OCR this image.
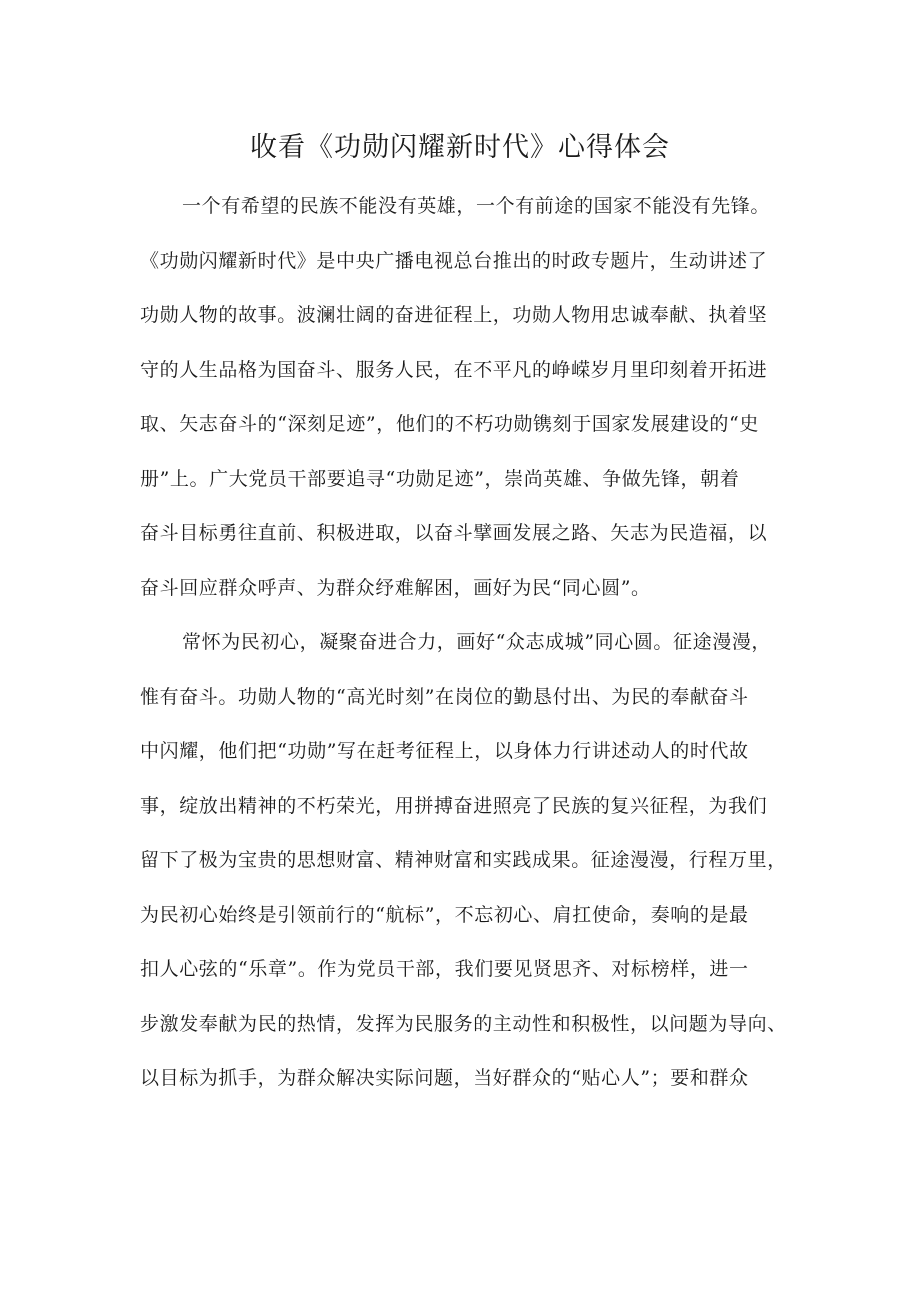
收看《功勋闪耀新时代》心得体会
一个有希望的民族不能没有英雄，一个有前途的国家不能没有先锋。
《功勋闪耀新时代》是中央广播电视总台推出的时政专题片，生动讲述了
功勋人物的故事。波澜壮阔的奋进征程上，功勋人物用忠诚奉献、执着坚
守的人生品格为国奋斗、服务人民，在不平凡的峥嵘岁月里印刻着开拓进
取、矢志奋斗的“深刻足迹”，他们的不朽功勋镌刻于国家发展建设的“史
册”上。广大党员干部要追寻“功勋足迹”，崇尚英雄、争做先锋，朝着
奋斗目标勇往直前、积极进取，以奋斗擘画发展之路、矢志为民造福，以
奋斗回应群众呼声、为群众纾难解困，画好为民“同心圆”。
常怀为民初心，凝聚奋进合力，画好“众志成城”同心圆。征途漫漫，
惟有奋斗。功勋人物的“高光时刻”在岗位的勤恳付出、为民的奉献奋斗
中闪耀，他们把“功勋”写在赶考征程上，以身体力行讲述动人的时代故
事，绽放出精神的不朽荣光，用拼搏奋进照亮了民族的复兴征程，为我们
留下了极为宝贵的思想财富、精神财富和实践成果。征途漫漫，行程万里，
为民初心始终是引领前行的“航标”，不忘初心、肩扛使命，奏响的是最
扣人心弦的“乐章”。作为党员干部，我们要见贤思齐、对标榜样，进一
步激发奉献为民的热情，发挥为民服务的主动性和积极性，以问题为导向、
以目标为抓手，为群众解决实际问题，当好群众的“贴心人”；要和群众
